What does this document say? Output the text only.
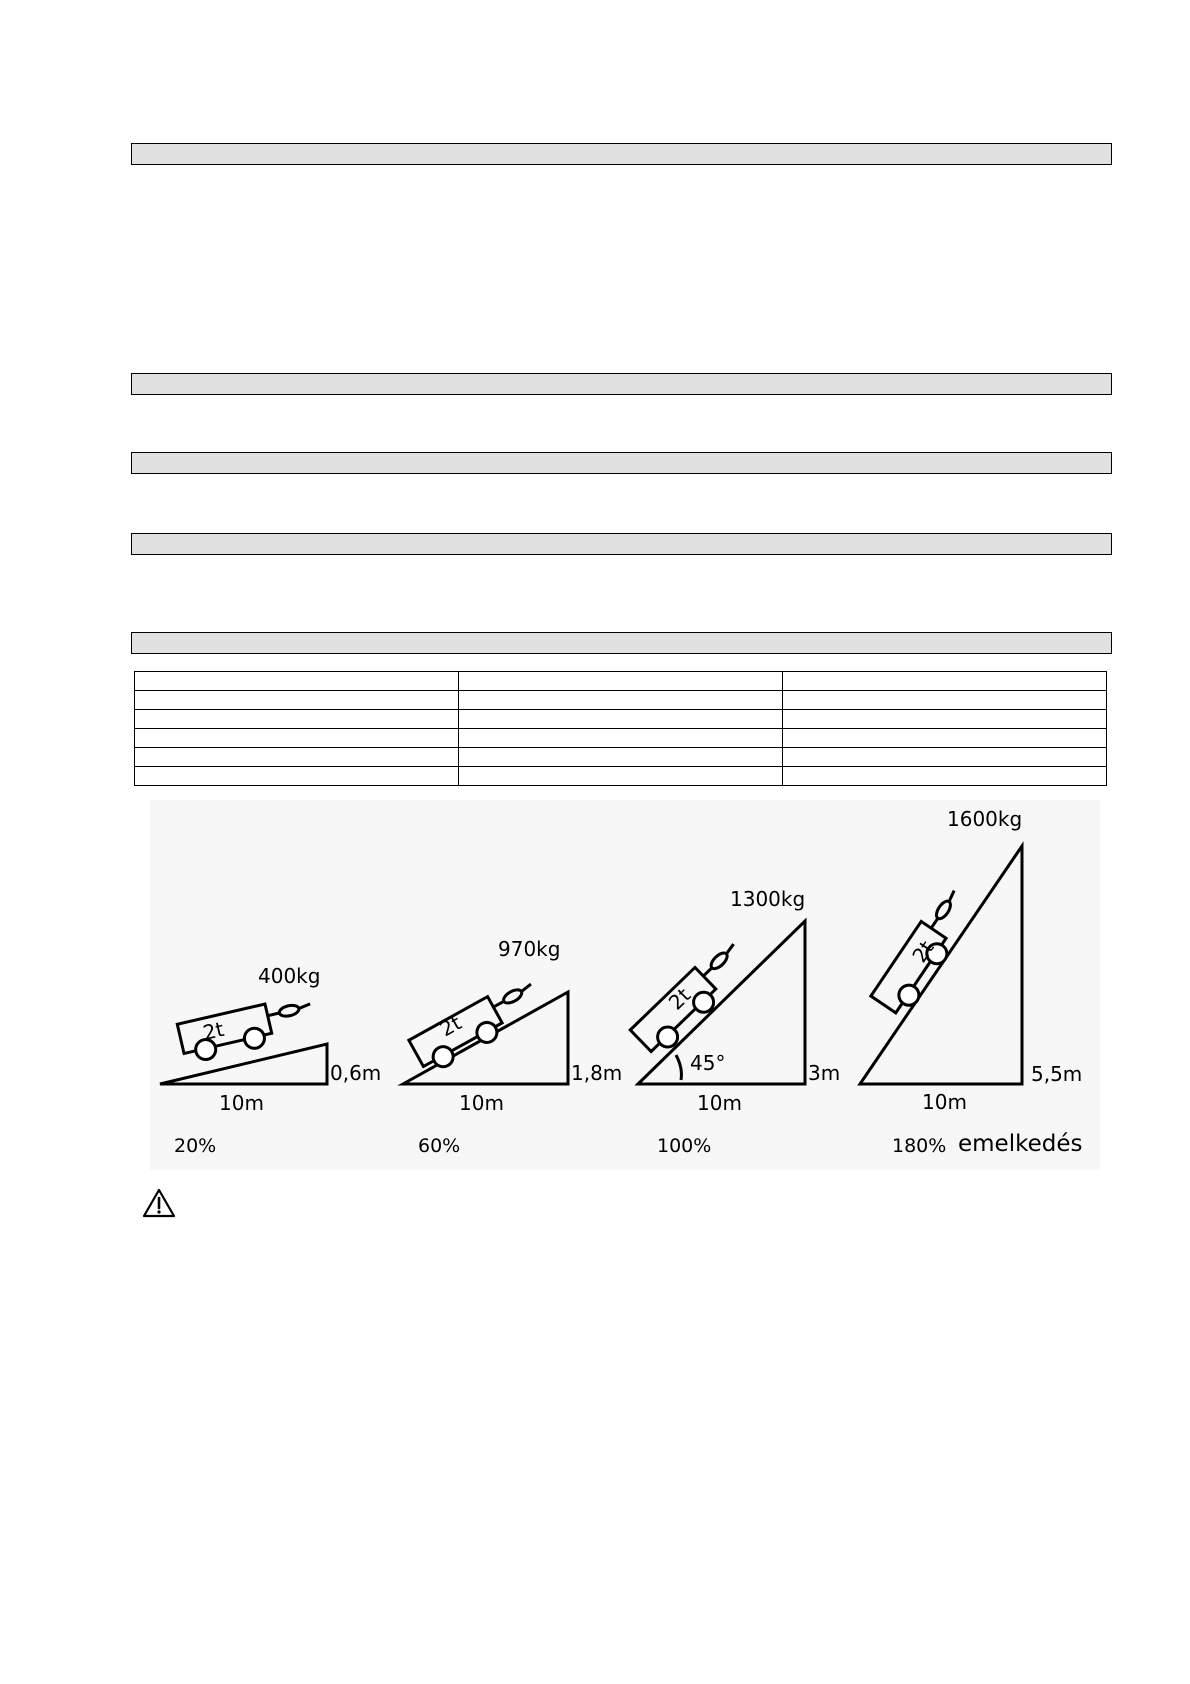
2t	2t
2t
2t
400kg
970kg
1300kg
1600kg
0,6m	1,8m	3m	5,5m
10m	10m	10m	10m
45°
20%	60%	100%	180% emelkedés
